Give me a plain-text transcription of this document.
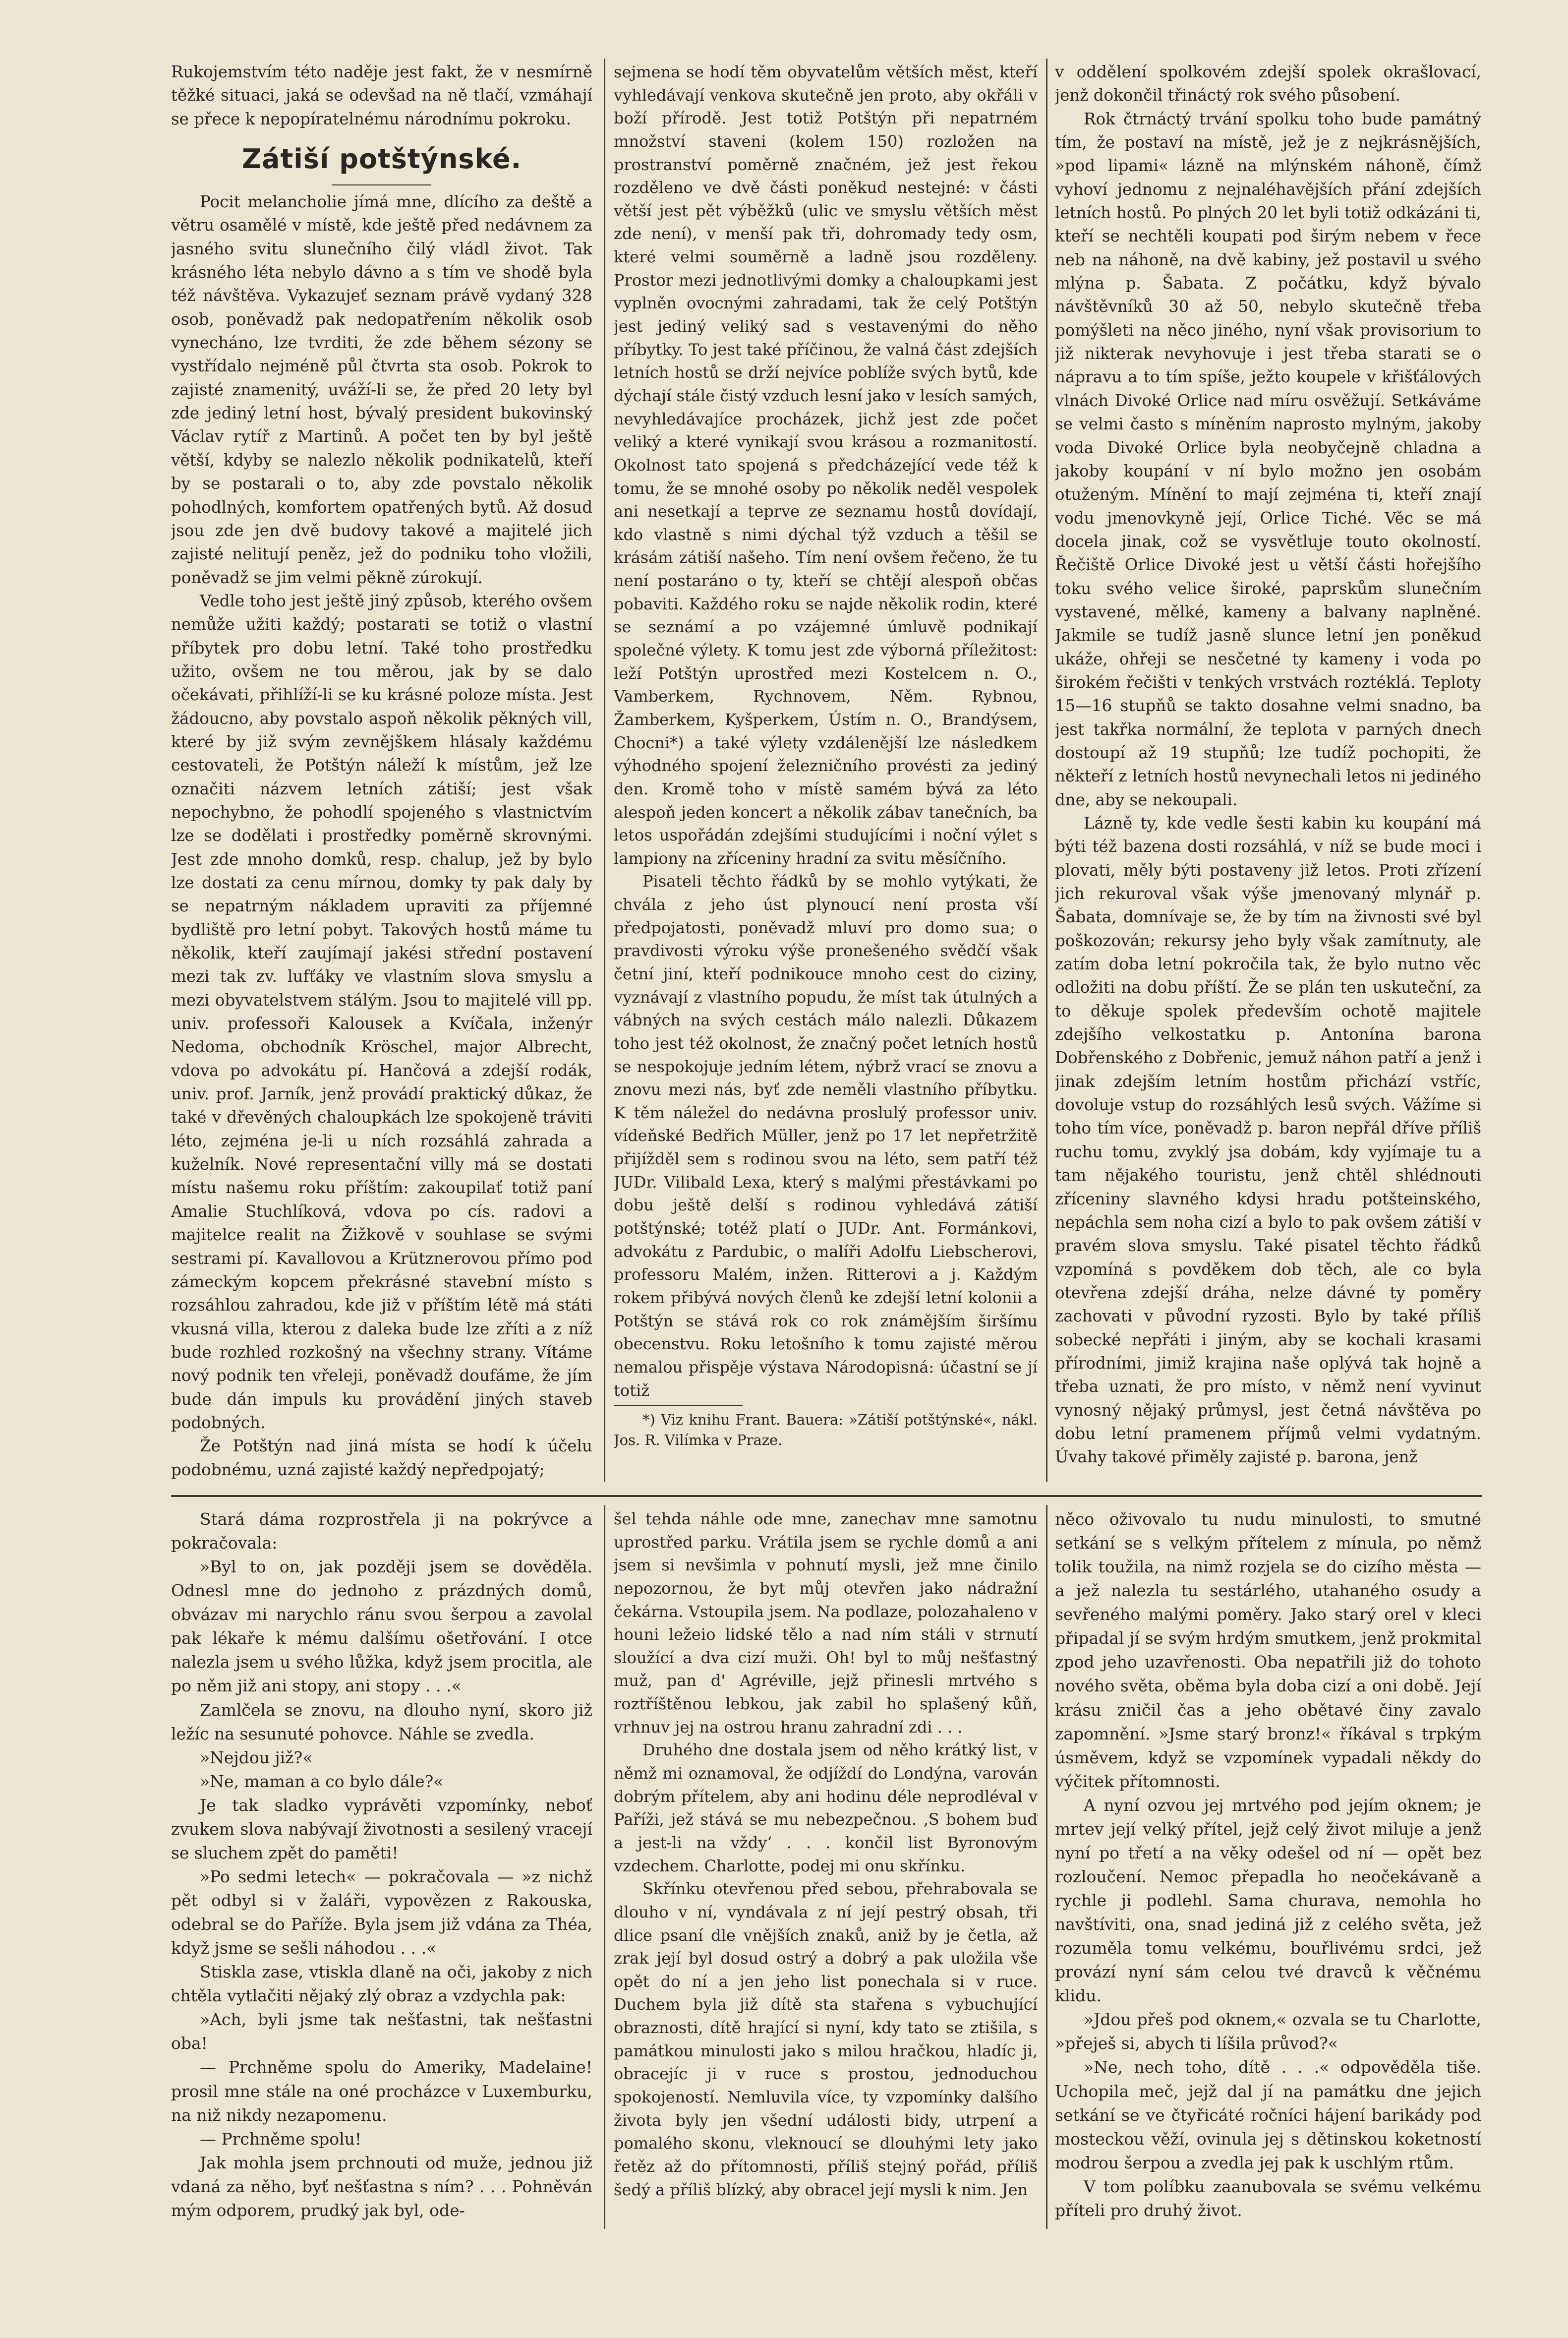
Rukojemstvím této naděje jest fakt, že v nesmírně těžké situaci, jaká se odevšad na ně tlačí, vzmáhají se přece k nepopíratelnému národnímu pokroku.

Zátiší potštýnské.

Pocit melancholie jímá mne, dlícího za deště a větru osamělé v místě, kde ještě před nedávnem za jasného svitu slunečního čilý vládl život. Tak krásného léta nebylo dávno a s tím ve shodě byla též návštěva. Vykazujeť seznam právě vydaný 328 osob, poněvadž pak nedopatřením několik osob vynecháno, lze tvrditi, že zde během sézony se vystřídalo nejméně půl čtvrta sta osob. Pokrok to zajisté znamenitý, uváží-li se, že před 20 lety byl zde jediný letní host, bývalý president bukovinský Václav rytíř z Martinů. A počet ten by byl ještě větší, kdyby se nalezlo několik podnikatelů, kteří by se postarali o to, aby zde povstalo několik pohodlných, komfortem opatřených bytů. Až dosud jsou zde jen dvě budovy takové a majitelé jich zajisté nelitují peněz, jež do podniku toho vložili, poněvadž se jim velmi pěkně zúrokují.

Vedle toho jest ještě jiný způsob, kterého ovšem nemůže užiti každý; postarati se totiž o vlastní příbytek pro dobu letní. Také toho prostředku užito, ovšem ne tou měrou, jak by se dalo očekávati, přihlíží-li se ku krásné poloze místa. Jest žádoucno, aby povstalo aspoň několik pěkných vill, které by již svým zevnějškem hlásaly každému cestovateli, že Potštýn náleží k místům, jež lze označiti názvem letních zátiší; jest však nepochybno, že pohodlí spojeného s vlastnictvím lze se dodělati i prostředky poměrně skrovnými. Jest zde mnoho domků, resp. chalup, jež by bylo lze dostati za cenu mírnou, domky ty pak daly by se nepatrným nákladem upraviti za příjemné bydliště pro letní pobyt. Takových hostů máme tu několik, kteří zaujímají jakési střední postavení mezi tak zv. lufťáky ve vlastním slova smyslu a mezi obyvatelstvem stálým. Jsou to majitelé vill pp. univ. professoři Kalousek a Kvíčala, inženýr Nedoma, obchodník Kröschel, major Albrecht, vdova po advokátu pí. Hančová a zdejší rodák, univ. prof. Jarník, jenž provádí praktický důkaz, že také v dřevěných chaloupkách lze spokojeně tráviti léto, zejména je-li u ních rozsáhlá zahrada a kuželník. Nové representační villy má se dostati místu našemu roku příštím: zakoupilať totiž paní Amalie Stuchlíková, vdova po cís. radovi a majitelce realit na Žižkově v souhlase se svými sestrami pí. Kavallovou a Krütznerovou přímo pod zámeckým kopcem překrásné stavební místo s rozsáhlou zahradou, kde již v příštím létě má státi vkusná villa, kterou z daleka bude lze zříti a z níž bude rozhled rozkošný na všechny strany. Vítáme nový podnik ten vřeleji, poněvadž doufáme, že jím bude dán impuls ku provádění jiných staveb podobných.

Že Potštýn nad jiná místa se hodí k účelu podobnému, uzná zajisté každý nepředpojatý;

sejmena se hodí těm obyvatelům větších měst, kteří vyhledávají venkova skutečně jen proto, aby okřáli v boží přírodě. Jest totiž Potštýn při nepatrném množství staveni (kolem 150) rozložen na prostranství poměrně značném, jež jest řekou rozděleno ve dvě části poněkud nestejné: v části větší jest pět výběžků (ulic ve smyslu větších měst zde není), v menší pak tři, dohromady tedy osm, které velmi souměrně a ladně jsou rozděleny. Prostor mezi jednotlivými domky a chaloupkami jest vyplněn ovocnými zahradami, tak že celý Potštýn jest jediný veliký sad s vestavenými do něho příbytky. To jest také příčinou, že valná část zdejších letních hostů se drží nejvíce poblíže svých bytů, kde dýchají stále čistý vzduch lesní jako v lesích samých, nevyhledávajíce procházek, jichž jest zde počet veliký a které vynikají svou krásou a rozmanitostí. Okolnost tato spojená s předcházející vede též k tomu, že se mnohé osoby po několik neděl vespolek ani nesetkají a teprve ze seznamu hostů dovídají, kdo vlastně s nimi dýchal týž vzduch a těšil se krásám zátiší našeho. Tím není ovšem řečeno, že tu není postaráno o ty, kteří se chtějí alespoň občas pobaviti. Každého roku se najde několik rodin, které se seznámí a po vzájemné úmluvě podnikají společné výlety. K tomu jest zde výborná příležitost: leží Potštýn uprostřed mezi Kostelcem n. O., Vamberkem, Rychnovem, Něm. Rybnou, Žamberkem, Kyšperkem, Ústím n. O., Brandýsem, Chocni*) a také výlety vzdálenější lze následkem výhodného spojení železničního provésti za jediný den. Kromě toho v místě samém bývá za léto alespoň jeden koncert a několik zábav tanečních, ba letos uspořádán zdejšími studujícími i noční výlet s lampiony na zříceniny hradní za svitu měsíčního.

Pisateli těchto řádků by se mohlo vytýkati, že chvála z jeho úst plynoucí není prosta vší předpojatosti, poněvadž mluví pro domo sua; o pravdivosti výroku výše pronešeného svědčí však četní jiní, kteří podnikouce mnoho cest do ciziny, vyznávají z vlastního popudu, že míst tak útulných a vábných na svých cestách málo nalezli. Důkazem toho jest též okolnost, že značný počet letních hostů se nespokojuje jedním létem, nýbrž vrací se znovu a znovu mezi nás, byť zde neměli vlastního příbytku. K těm náležel do nedávna proslulý professor univ. vídeňské Bedřich Müller, jenž po 17 let nepřetržitě přijížděl sem s rodinou svou na léto, sem patří též JUDr. Vilibald Lexa, který s malými přestávkami po dobu ještě delší s rodinou vyhledává zátiší potštýnské; totéž platí o JUDr. Ant. Formánkovi, advokátu z Pardubic, o malíři Adolfu Liebscherovi, professoru Malém, inžen. Ritterovi a j. Každým rokem přibývá nových členů ke zdejší letní kolonii a Potštýn se stává rok co rok známějším širšímu obecenstvu. Roku letošního k tomu zajisté měrou nemalou přispěje výstava Národopisná: účastní se jí totiž

*) Viz knihu Frant. Bauera: »Zátiší potštýnské«, nákl. Jos. R. Vilímka v Praze.

v oddělení spolkovém zdejší spolek okrašlovací, jenž dokončil třináctý rok svého působení.

Rok čtrnáctý trvání spolku toho bude památný tím, že postaví na místě, jež je z nejkrásnějších, »pod lipami« lázně na mlýnském náhoně, čímž vyhoví jednomu z nejnaléhavějších přání zdejších letních hostů. Po plných 20 let byli totiž odkázáni ti, kteří se nechtěli koupati pod širým nebem v řece neb na náhoně, na dvě kabiny, jež postavil u svého mlýna p. Šabata. Z počátku, když bývalo návštěvníků 30 až 50, nebylo skutečně třeba pomýšleti na něco jiného, nyní však provisorium to již nikterak nevyhovuje i jest třeba starati se o nápravu a to tím spíše, ježto koupele v křišťálových vlnách Divoké Orlice nad míru osvěžují. Setkáváme se velmi často s míněním naprosto mylným, jakoby voda Divoké Orlice byla neobyčejně chladna a jakoby koupání v ní bylo možno jen osobám otuženým. Mínění to mají zejména ti, kteří znají vodu jmenovkyně její, Orlice Tiché. Věc se má docela jinak, což se vysvětluje touto okolností. Řečiště Orlice Divoké jest u větší části hořejšího toku svého velice široké, paprskům slunečním vystavené, mělké, kameny a balvany naplněné. Jakmile se tudíž jasně slunce letní jen poněkud ukáže, ohřeji se nesčetné ty kameny i voda po širokém řečišti v tenkých vrstvách roztéklá. Teploty 15—16 stupňů se takto dosahne velmi snadno, ba jest takřka normální, že teplota v parných dnech dostoupí až 19 stupňů; lze tudíž pochopiti, že někteří z letních hostů nevynechali letos ni jediného dne, aby se nekoupali.

Lázně ty, kde vedle šesti kabin ku koupání má býti též bazena dosti rozsáhlá, v níž se bude moci i plovati, měly býti postaveny již letos. Proti zřízení jich rekuroval však výše jmenovaný mlynář p. Šabata, domnívaje se, že by tím na živnosti své byl poškozován; rekursy jeho byly však zamítnuty, ale zatím doba letní pokročila tak, že bylo nutno věc odložiti na dobu příští. Že se plán ten uskuteční, za to děkuje spolek především ochotě majitele zdejšího velkostatku p. Antonína barona Dobřenského z Dobřenic, jemuž náhon patří a jenž i jinak zdejším letním hostům přichází vstříc, dovoluje vstup do rozsáhlých lesů svých. Vážíme si toho tím více, poněvadž p. baron nepřál dříve příliš ruchu tomu, zvyklý jsa dobám, kdy vyjímaje tu a tam nějakého touristu, jenž chtěl shlédnouti zříceniny slavného kdysi hradu potšteinského, nepáchla sem noha cizí a bylo to pak ovšem zátiší v pravém slova smyslu. Také pisatel těchto řádků vzpomíná s povděkem dob těch, ale co byla otevřena zdejší dráha, nelze dávné ty poměry zachovati v původní ryzosti. Bylo by také příliš sobecké nepřáti i jiným, aby se kochali krasami přírodními, jimiž krajina naše oplývá tak hojně a třeba uznati, že pro místo, v němž není vyvinut vynosný nějaký průmysl, jest četná návštěva po dobu letní pramenem příjmů velmi vydatným. Úvahy takové přiměly zajisté p. barona, jenž

Stará dáma rozprostřela ji na pokrývce a pokračovala:

»Byl to on, jak později jsem se dověděla. Odnesl mne do jednoho z prázdných domů, obvázav mi narychlo ránu svou šerpou a zavolal pak lékaře k mému dalšímu ošetřování. I otce nalezla jsem u svého lůžka, když jsem procitla, ale po něm již ani stopy, ani stopy . . .«

Zamlčela se znovu, na dlouho nyní, skoro již ležíc na sesunuté pohovce. Náhle se zvedla.

»Nejdou již?«

»Ne, maman a co bylo dále?«

Je tak sladko vyprávěti vzpomínky, neboť zvukem slova nabývají životnosti a sesilený vracejí se sluchem zpět do paměti!

»Po sedmi letech« — pokračovala — »z nichž pět odbyl si v žaláři, vypovězen z Rakouska, odebral se do Paříže. Byla jsem již vdána za Théa, když jsme se sešli náhodou . . .«

Stiskla zase, vtiskla dlaně na oči, jakoby z nich chtěla vytlačiti nějaký zlý obraz a vzdychla pak:

»Ach, byli jsme tak nešťastni, tak nešťastni oba!

— Prchněme spolu do Ameriky, Madelaine! prosil mne stále na oné procházce v Luxemburku, na niž nikdy nezapomenu.

— Prchněme spolu!

Jak mohla jsem prchnouti od muže, jednou již vdaná za něho, byť nešťastna s ním? . . . Pohněván mým odporem, prudký jak byl, ode-

šel tehda náhle ode mne, zanechav mne samotnu uprostřed parku. Vrátila jsem se rychle domů a ani jsem si nevšimla v pohnutí mysli, jež mne činilo nepozornou, že byt můj otevřen jako nádražní čekárna. Vstoupila jsem. Na podlaze, polozahaleno v houni ležeio lidské tělo a nad ním stáli v strnutí sloužící a dva cizí muži. Oh! byl to můj nešťastný muž, pan d' Agréville, jejž přinesli mrtvého s roztříštěnou lebkou, jak zabil ho splašený kůň, vrhnuv jej na ostrou hranu zahradní zdi . . .

Druhého dne dostala jsem od něho krátký list, v němž mi oznamoval, že odjíždí do Londýna, varován dobrým přítelem, aby ani hodinu déle neprodléval v Paříži, jež stává se mu nebezpečnou. ‚S bohem buď a jest-li na vždy‘ . . . končil list Byronovým vzdechem. Charlotte, podej mi onu skřínku.

Skřínku otevřenou před sebou, přehrabovala se dlouho v ní, vyndávala z ní její pestrý obsah, tři dlice psaní dle vnějších znaků, aniž by je četla, až zrak její byl dosud ostrý a dobrý a pak uložila vše opět do ní a jen jeho list ponechala si v ruce. Duchem byla již dítě sta stařena s vybuchující obraznosti, dítě hrající si nyní, kdy tato se ztišila, s památkou minulosti jako s milou hračkou, hladíc ji, obracejíc ji v ruce s prostou, jednoduchou spokojeností. Nemluvila více, ty vzpomínky dalšího života byly jen všední události bidy, utrpení a pomalého skonu, vleknoucí se dlouhými lety jako řetěz až do přítomnosti, příliš stejný pořád, příliš šedý a příliš blízký, aby obracel její mysli k nim. Jen

něco oživovalo tu nudu minulosti, to smutné setkání se s velkým přítelem z mínula, po němž tolik toužila, na nimž rozjela se do cizího města — a jež nalezla tu sestárlého, utahaného osudy a sevřeného malými poměry. Jako starý orel v kleci připadal jí se svým hrdým smutkem, jenž prokmital zpod jeho uzavřenosti. Oba nepatřili již do tohoto nového světa, oběma byla doba cizí a oni době. Její krásu zničil čas a jeho obětavé činy zavalo zapomnění. »Jsme starý bronz!« říkával s trpkým úsměvem, když se vzpomínek vypadali někdy do výčitek přítomnosti.

A nyní ozvou jej mrtvého pod jejím oknem; je mrtev její velký přítel, jejž celý život miluje a jenž nyní po třetí a na věky odešel od ní — opět bez rozloučení. Nemoc přepadla ho neočekávaně a rychle ji podlehl. Sama churava, nemohla ho navštíviti, ona, snad jediná již z celého světa, jež rozuměla tomu velkému, bouřlivému srdci, jež provází nyní sám celou tvé dravců k věčnému klidu.

»Jdou přeš pod oknem,« ozvala se tu Charlotte, »přeješ si, abych ti líšila průvod?«

»Ne, nech toho, dítě . . .« odpověděla tiše. Uchopila meč, jejž dal jí na památku dne jejich setkání se ve čtyřicáté ročníci hájení barikády pod mosteckou věží, ovinula jej s dětinskou koketností modrou šerpou a zvedla jej pak k uschlým rtům.

V tom políbku zaanubovala se svému velkému příteli pro druhý život.
